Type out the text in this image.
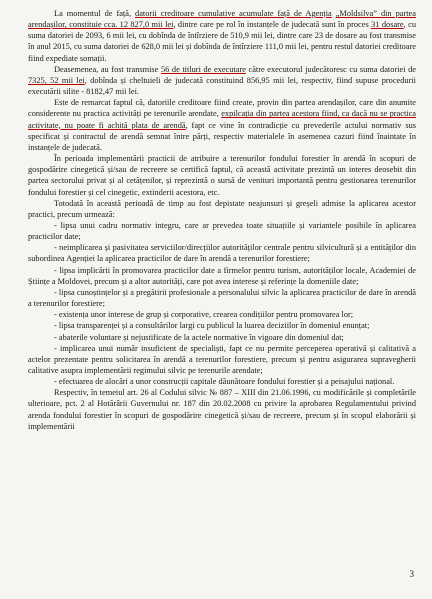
La momentul de față, datorii creditoare cumulative acumulate față de Agenția „Moldsilva” din partea arendașilor, constituie cca. 12 827,0 mii lei, dintre care pe rol în instanțele de judecată sunt în proces 31 dosare, cu suma datoriei de 2093, 6 mii lei, cu dobînda de întîrziere de 510,9 mii lei, dintre care 23 de dosare au fost transmise în anul 2015, cu suma datoriei de 628,0 mii lei și dobînda de întîrziere 111,0 mii lei, pentru restul datoriei creditoare fiind expediate somații.

Deasemenea, au fost transmise 56 de titluri de executare către executorul judecătoresc cu suma datoriei de 7325, 52 mii lei, dobînda și cheltuieli de judecată constituind 856,95 mii lei, respectiv, fiind supuse procedurii executării silite - 8182,47 mii lei.

Este de remarcat faptul că, datoriile creditoare fiind create, provin din partea arendașilor, care din anumite considerente nu practica activități pe terenurile arendate, expilcația din partea acestora fiind, ca dacă nu se practica activitate, nu poate fi achită plata de arendă, fapt ce vine în contradicție cu prevederile actului normativ sus specificat și contractul de arendă semnat între părți, respectiv materialele în asemenea cazuri fiind înaintate în instanțele de judecată.

În perioada implementării practicii de atribuire a terenurilor fondului forestier în arendă în scopuri de gospodărire cinegetică și/sau de recreere se certifică faptul, că această activitate prezintă un interes deosebit din partea sectorului privat și al cetățenilor, și reprezintă o sursă de venituri importantă pentru gestionarea terenurilor fondului forestier și cel cinegetic, extinderii acestora, etc.

Totodată în această perioadă de timp au fost depistate neajunsuri și greșeli admise la aplicarea acestor practici, precum urmează:

- lipsa unui cadru normativ integru, care ar prevedea toate situațiile și variantele posibile în aplicarea practicilor date;

- neimplicarea și pasivitatea serviciilor/direcțiilor autorităților centrale pentru silvicultură și a entităților din subordinea Agenției la aplicarea practicilor de dare în arendă a terenurilor forestiere;

- lipsa implicării în promovarea practicilor date a firmelor pentru turism, autorităților locale, Academiei de Științe a Moldovei, precum și a altor autorități, care pot avea interese și referințe la domeniile date;

- lipsa cunoștințelor și a pregătirii profesionale a personalului silvic la aplicarea practicilor de dare în arendă a terenurilor forestiere;

- existența unor interese de grup și corporative, crearea condițiilor pentru promovarea lor;

- lipsa transparenței și a consultărilor largi cu publicul la luarea deciziilor în domeniul enunțat;

- abaterile voluntare și nejustificate de la actele normative în vigoare din domeniul dat;

- implicarea unui număr insuficient de specialiști, fapt ce nu permite perceperea operativă și calitativă a actelor prezentate pentru solicitarea în arendă a terenurilor forestiere, precum și pentru asigurarea supravegherii calitative asupra implementării regimului silvic pe terenurile arendate;

- efectuarea de alocări a unor construcții capitale dăunătoare fondului forestier și a peisajului național.

Respectiv, în temeiul art. 26 al Codului silvic № 887 – XIII din 21.06.1996, cu modificările și completările ulterioare, pct. 2 al Hotărârii Guvernului nr. 187 din 20.02.2008 cu privire la aprobarea Regulamentului privind arenda fondului forestier în scopuri de gospodărire cinegetică și/sau de recreere, precum și în scopul elaborării și implementării

3
